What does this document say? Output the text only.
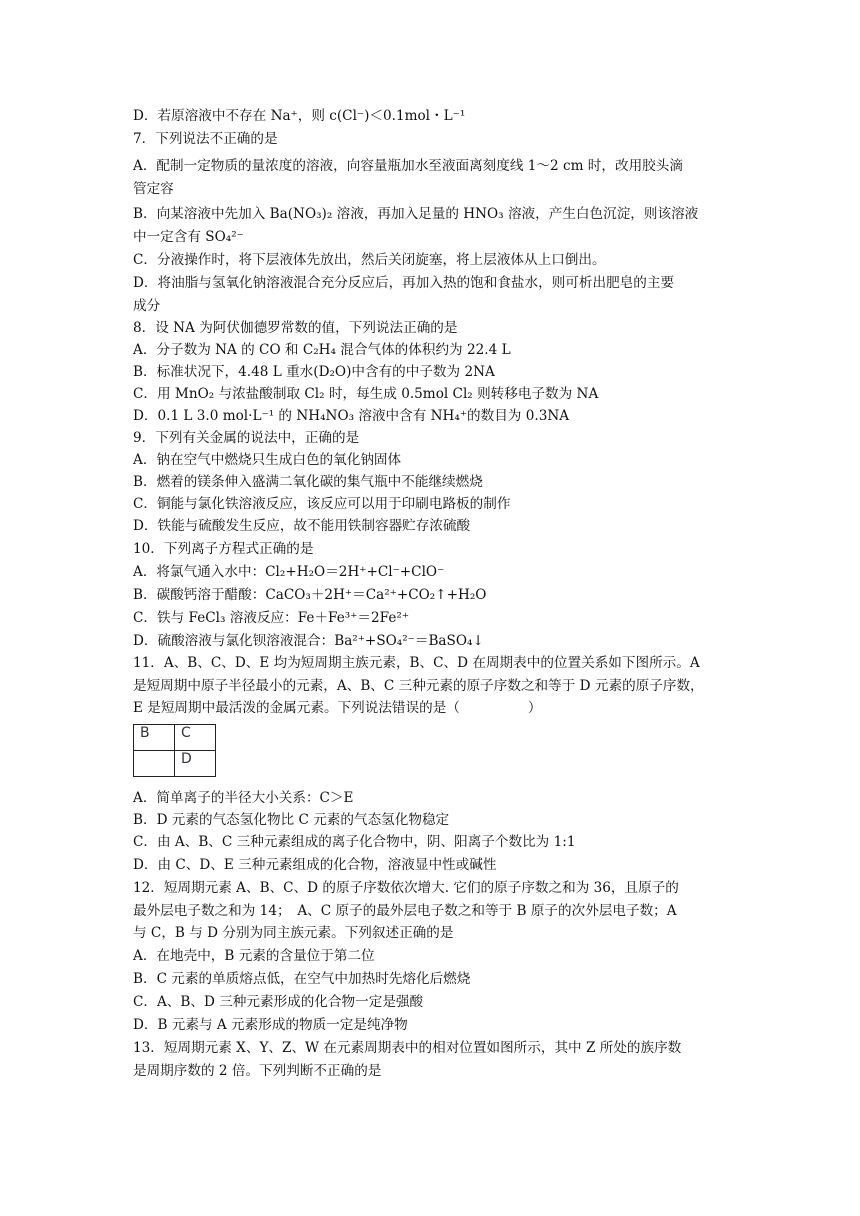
D．若原溶液中不存在 Na⁺，则 c(Cl⁻)＜0.1mol・L⁻¹
7．下列说法不正确的是
A．配制一定物质的量浓度的溶液，向容量瓶加水至液面离刻度线 1～2 cm 时，改用胶头滴
管定容
B．向某溶液中先加入 Ba(NO₃)₂ 溶液，再加入足量的 HNO₃ 溶液，产生白色沉淀，则该溶液
中一定含有 SO₄²⁻
C．分液操作时，将下层液体先放出，然后关闭旋塞，将上层液体从上口倒出。
D．将油脂与氢氧化钠溶液混合充分反应后，再加入热的饱和食盐水，则可析出肥皂的主要
成分
8．设 NA 为阿伏伽德罗常数的值，下列说法正确的是
A．分子数为 NA 的 CO 和 C₂H₄ 混合气体的体积约为 22.4 L
B．标准状况下，4.48 L 重水(D₂O)中含有的中子数为 2NA
C．用 MnO₂ 与浓盐酸制取 Cl₂ 时，每生成 0.5mol Cl₂ 则转移电子数为 NA
D．0.1 L 3.0 mol·L⁻¹ 的 NH₄NO₃ 溶液中含有 NH₄⁺的数目为 0.3NA
9．下列有关金属的说法中，正确的是
A．钠在空气中燃烧只生成白色的氧化钠固体
B．燃着的镁条伸入盛满二氧化碳的集气瓶中不能继续燃烧
C．铜能与氯化铁溶液反应，该反应可以用于印刷电路板的制作
D．铁能与硫酸发生反应，故不能用铁制容器贮存浓硫酸
10．下列离子方程式正确的是
A．将氯气通入水中：Cl₂+H₂O＝2H⁺+Cl⁻+ClO⁻
B．碳酸钙溶于醋酸：CaCO₃＋2H⁺＝Ca²⁺+CO₂↑+H₂O
C．铁与 FeCl₃ 溶液反应：Fe＋Fe³⁺＝2Fe²⁺
D．硫酸溶液与氯化钡溶液混合：Ba²⁺+SO₄²⁻＝BaSO₄↓
11．A、B、C、D、E 均为短周期主族元素，B、C、D 在周期表中的位置关系如下图所示。A
是短周期中原子半径最小的元素，A、B、C 三种元素的原子序数之和等于 D 元素的原子序数，
E 是短周期中最活泼的金属元素。下列说法错误的是（　　　　　）
B	C
	D
A．简单离子的半径大小关系：C＞E
B．D 元素的气态氢化物比 C 元素的气态氢化物稳定
C．由 A、B、C 三种元素组成的离子化合物中，阴、阳离子个数比为 1:1
D．由 C、D、E 三种元素组成的化合物，溶液显中性或碱性
12．短周期元素 A、B、C、D 的原子序数依次增大. 它们的原子序数之和为 36，且原子的
最外层电子数之和为 14；　A、C 原子的最外层电子数之和等于 B 原子的次外层电子数；A
与 C，B 与 D 分别为同主族元素。下列叙述正确的是
A．在地壳中，B 元素的含量位于第二位
B．C 元素的单质熔点低，在空气中加热时先熔化后燃烧
C．A、B、D 三种元素形成的化合物一定是强酸
D．B 元素与 A 元素形成的物质一定是纯净物
13．短周期元素 X、Y、Z、W 在元素周期表中的相对位置如图所示，其中 Z 所处的族序数
是周期序数的 2 倍。下列判断不正确的是
